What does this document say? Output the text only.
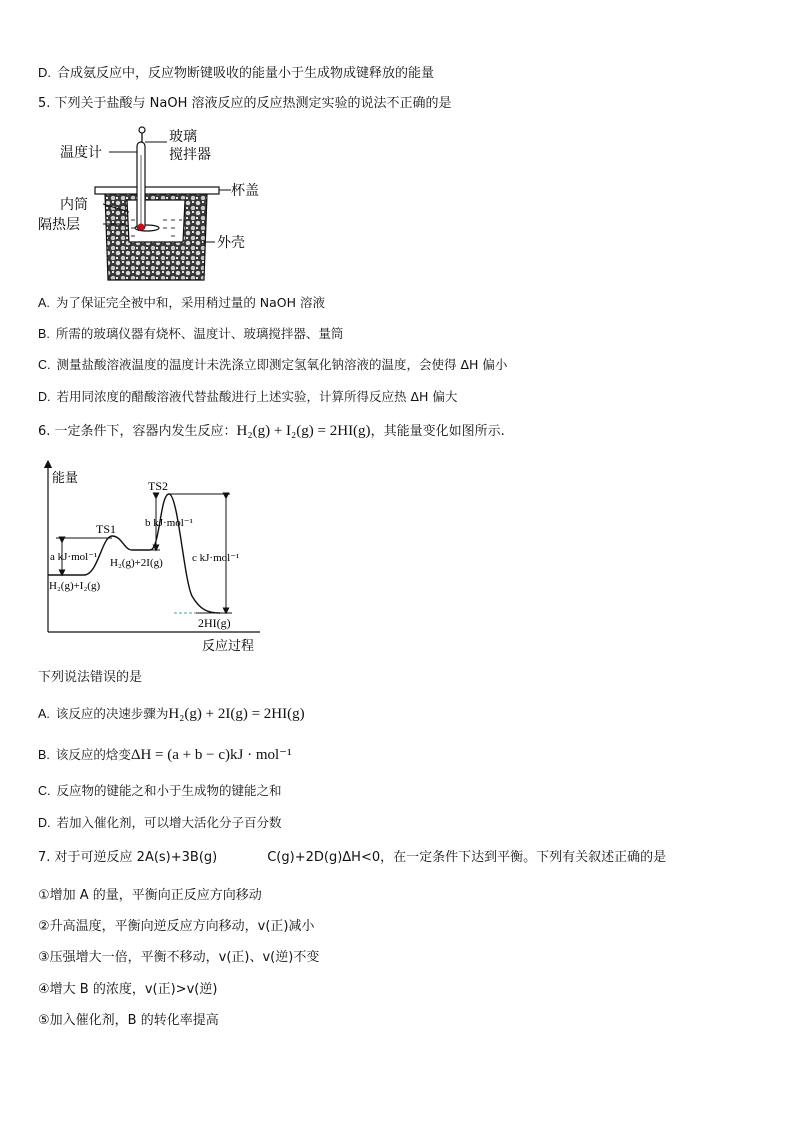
D. 合成氨反应中，反应物断键吸收的能量小于生成物成键释放的能量
5. 下列关于盐酸与 NaOH 溶液反应的反应热测定实验的说法不正确的是
温度计
玻璃
搅拌器
杯盖
内筒
隔热层
外壳
A. 为了保证完全被中和，采用稍过量的 NaOH 溶液
B. 所需的玻璃仪器有烧杯、温度计、玻璃搅拌器、量筒
C. 测量盐酸溶液温度的温度计未洗涤立即测定氢氧化钠溶液的温度，会使得 ΔH 偏小
D. 若用同浓度的醋酸溶液代替盐酸进行上述实验，计算所得反应热 ΔH 偏大
6. 一定条件下，容器内发生反应：H₂(g) + I₂(g) = 2HI(g)，其能量变化如图所示.
能量
反应过程
TS2
TS1	b kJ·mol⁻¹
a kJ·mol⁻¹ H₂(g)+2I(g)	c kJ·mol⁻¹
H₂(g)+I₂(g)
2HI(g)
下列说法错误的是
A. 该反应的决速步骤为H₂(g) + 2I(g) = 2HI(g)
B. 该反应的焓变ΔH = (a + b − c)kJ · mol⁻¹
C. 反应物的键能之和小于生成物的键能之和
D. 若加入催化剂，可以增大活化分子百分数
7. 对于可逆反应 2A(s)+3B(g)	C(g)+2D(g)ΔH<0，在一定条件下达到平衡。下列有关叙述正确的是
①增加 A 的量，平衡向正反应方向移动
②升高温度，平衡向逆反应方向移动，v(正)减小
③压强增大一倍，平衡不移动，v(正)、v(逆)不变
④增大 B 的浓度，v(正)>v(逆)
⑤加入催化剂，B 的转化率提高
